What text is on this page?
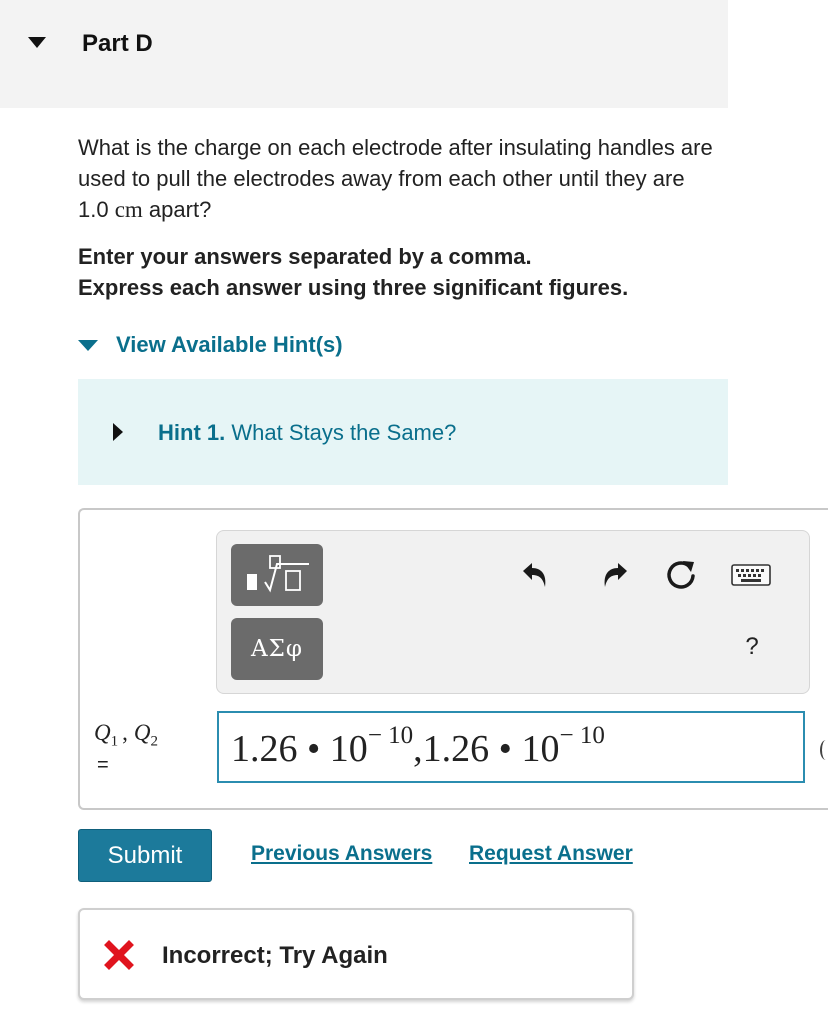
Part D
What is the charge on each electrode after insulating handles are used to pull the electrodes away from each other until they are 1.0 cm apart?
Enter your answers separated by a comma.
Express each answer using three significant figures.
View Available Hint(s)
Hint 1. What Stays the Same?
ΑΣφ	?
$Q_1$ , $Q_2$
=	1.26 • $10^{- 10},1.26$ • $10^{- 10}$
Submit	Previous Answers Request Answer
Incorrect; Try Again
